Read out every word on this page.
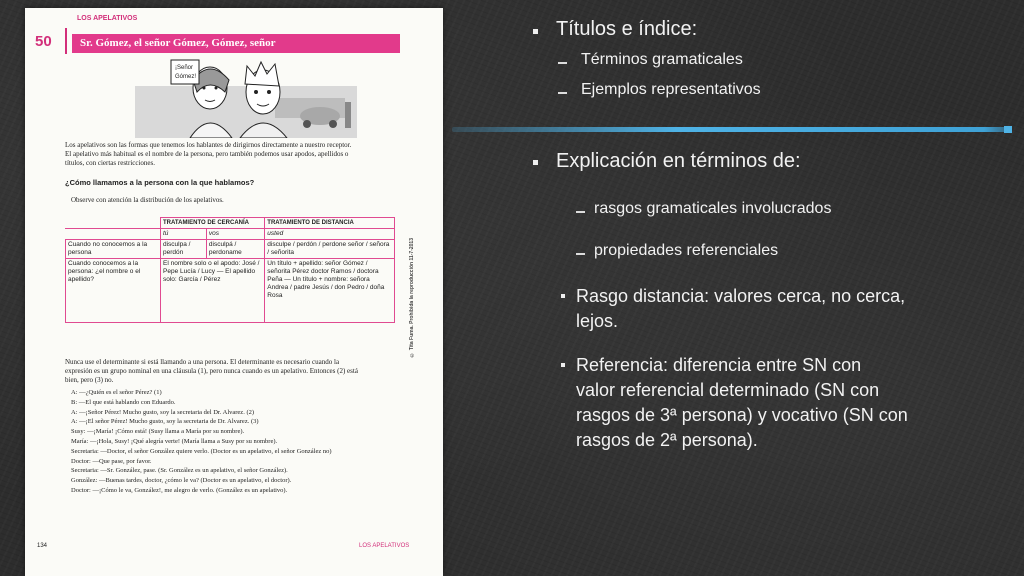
LOS APELATIVOS
50	Sr. Gómez, el señor Gómez, Gómez, señor
¡Señor
Gómez!
Los apelativos son las formas que tenemos los hablantes de dirigirnos directamente a nuestro receptor.
El apelativo más habitual es el nombre de la persona, pero también podemos usar apodos, apellidos o
títulos, con ciertas restricciones.
¿Cómo llamamos a la persona con la que hablamos?
Observe con atención la distribución de los apelativos.
	TRATAMIENTO DE CERCANÍA		TRATAMIENTO DE DISTANCIA
	tú	vos	usted
Cuando no conocemos a la persona	disculpa / perdón	disculpá / perdoname	disculpe / perdón / perdone señor / señora / señorita
Cuando conocemos a la persona: ¿el nombre o el apellido?	El nombre solo o el apodo: José / Pepe Lucía / Lucy — El apellido solo: García / Pérez		Un título + apellido: señor Gómez / señorita Pérez doctor Ramos / doctora Peña — Un título + nombre: señora Andrea / padre Jesús / don Pedro / doña Rosa	© Tita Fuma. Prohibida la reproducción 11-7-2013
Nunca use el determinante si está llamando a una persona. El determinante es necesario cuando la
expresión es un grupo nominal en una cláusula (1), pero nunca cuando es un apelativo. Entonces (2) está
bien, pero (3) no.
A: —¿Quién es el señor Pérez? (1)
B: —El que está hablando con Eduardo.
A: —¡Señor Pérez! Mucho gusto, soy la secretaria del Dr. Alvarez. (2)
A: —¡El señor Pérez! Mucho gusto, soy la secretaria de Dr. Alvarez. (3)
Susy: —¡María! ¡Cómo está! (Susy llama a María por su nombre).
María: —¡Hola, Susy! ¡Qué alegría verte! (María llama a Susy por su nombre).
Secretaria: —Doctor, el señor González quiere verlo. (Doctor es un apelativo, el señor González no)
Doctor: —Que pase, por favor.
Secretaria: —Sr. González, pase. (Sr. González es un apelativo, el señor González).
González: —Buenas tardes, doctor, ¿cómo le va? (Doctor es un apelativo, el doctor).
Doctor: —¡Cómo le va, González!, me alegro de verlo. (González es un apelativo).
134	LOS APELATIVOS
Títulos e índice:
Términos gramaticales
Ejemplos representativos
Explicación en términos de:
rasgos gramaticales involucrados
propiedades referenciales
Rasgo distancia: valores cerca, no cerca,
lejos.
Referencia: diferencia entre SN con
valor referencial determinado (SN con
rasgos de 3ª persona) y vocativo (SN con
rasgos de 2ª persona).
